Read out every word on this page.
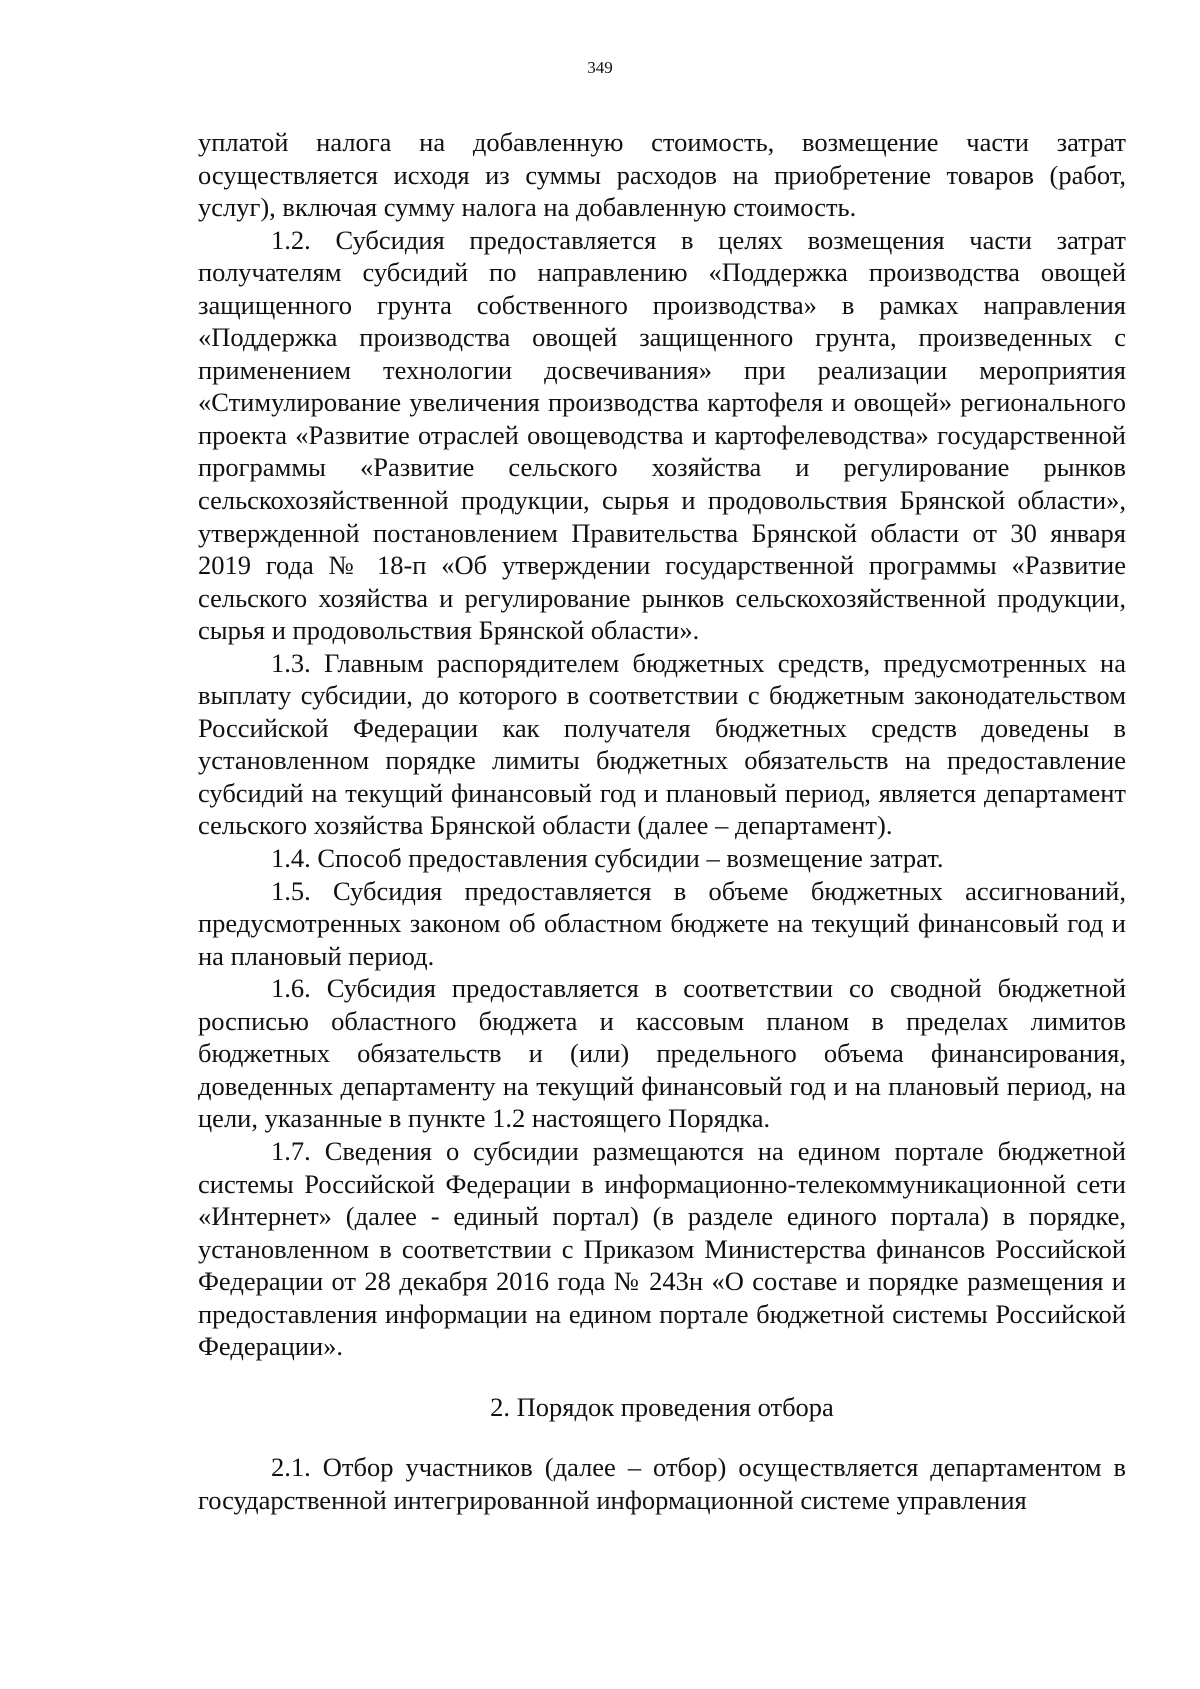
349

уплатой налога на добавленную стоимость, возмещение части затрат осуществляется исходя из суммы расходов на приобретение товаров (работ, услуг), включая сумму налога на добавленную стоимость.

1.2. Субсидия предоставляется в целях возмещения части затрат получателям субсидий по направлению «Поддержка производства овощей защищенного грунта собственного производства» в рамках направления «Поддержка производства овощей защищенного грунта, произведенных с применением технологии досвечивания» при реализации мероприятия «Стимулирование увеличения производства картофеля и овощей» регионального проекта «Развитие отраслей овощеводства и картофелеводства» государственной программы «Развитие сельского хозяйства и регулирование рынков сельскохозяйственной продукции, сырья и продовольствия Брянской области», утвержденной постановлением Правительства Брянской области от 30 января 2019 года № 18-п «Об утверждении государственной программы «Развитие сельского хозяйства и регулирование рынков сельскохозяйственной продукции, сырья и продовольствия Брянской области».

1.3. Главным распорядителем бюджетных средств, предусмотренных на выплату субсидии, до которого в соответствии с бюджетным законодательством Российской Федерации как получателя бюджетных средств доведены в установленном порядке лимиты бюджетных обязательств на предоставление субсидий на текущий финансовый год и плановый период, является департамент сельского хозяйства Брянской области (далее – департамент).

1.4. Способ предоставления субсидии – возмещение затрат.

1.5. Субсидия предоставляется в объеме бюджетных ассигнований, предусмотренных законом об областном бюджете на текущий финансовый год и на плановый период.

1.6. Субсидия предоставляется в соответствии со сводной бюджетной росписью областного бюджета и кассовым планом в пределах лимитов бюджетных обязательств и (или) предельного объема финансирования, доведенных департаменту на текущий финансовый год и на плановый период, на цели, указанные в пункте 1.2 настоящего Порядка.

1.7. Сведения о субсидии размещаются на едином портале бюджетной системы Российской Федерации в информационно-телекоммуникационной сети «Интернет» (далее - единый портал) (в разделе единого портала) в порядке, установленном в соответствии с Приказом Министерства финансов Российской Федерации от 28 декабря 2016 года № 243н «О составе и порядке размещения и предоставления информации на едином портале бюджетной системы Российской Федерации».

2. Порядок проведения отбора

2.1. Отбор участников (далее – отбор) осуществляется департаментом в государственной интегрированной информационной системе управления
